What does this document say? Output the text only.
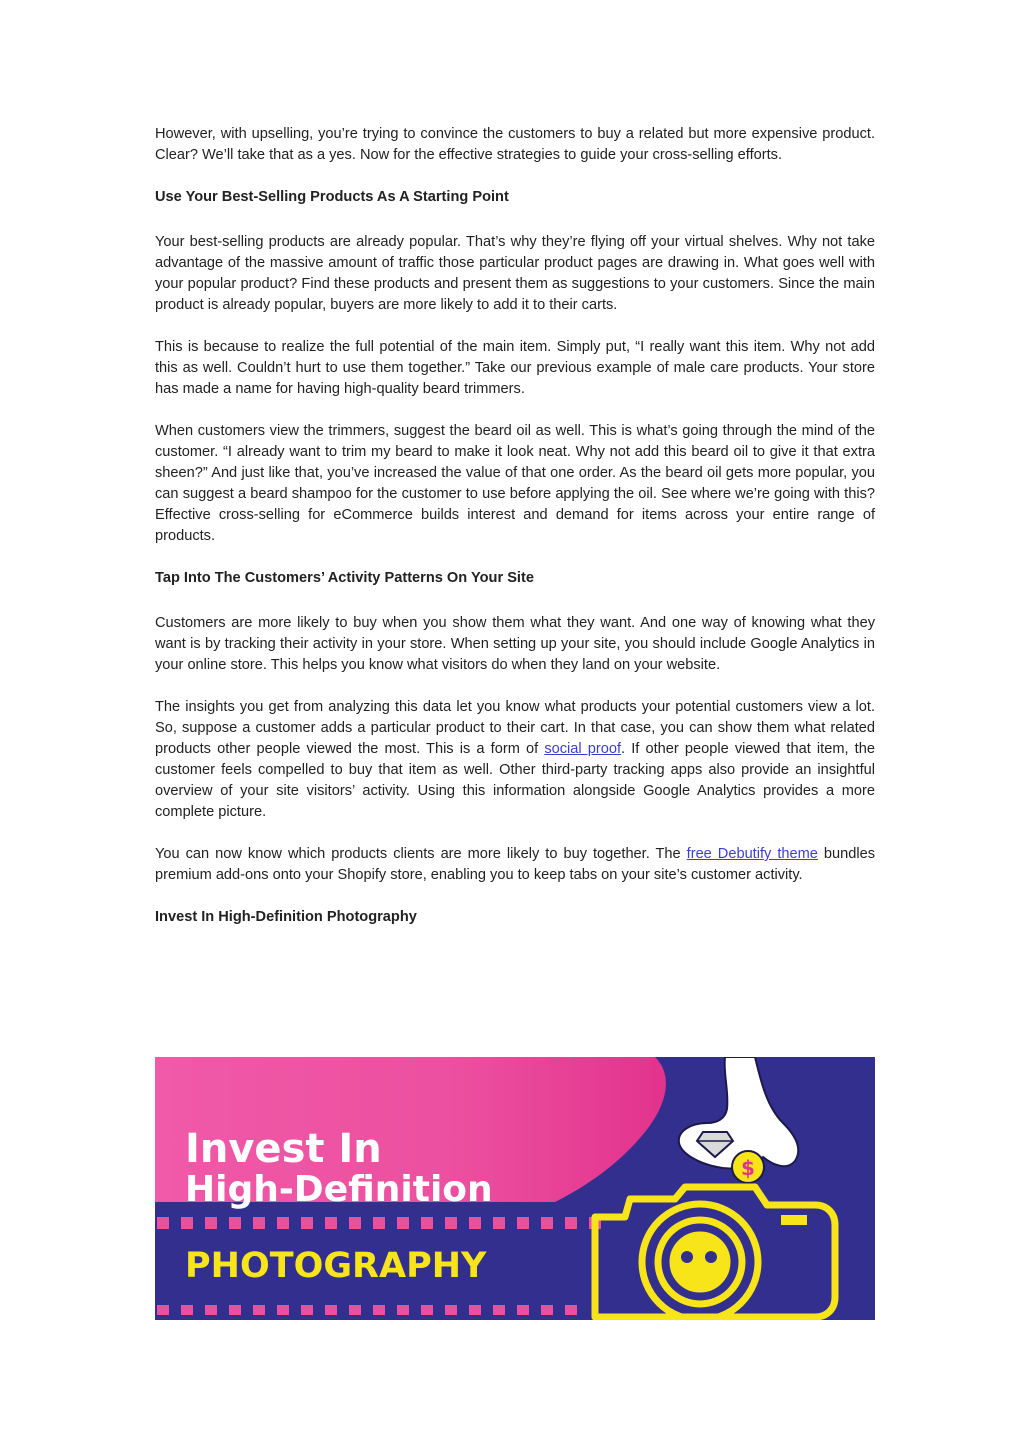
However, with upselling, you’re trying to convince the customers to buy a related but more expensive product. Clear? We’ll take that as a yes. Now for the effective strategies to guide your cross-selling efforts.

Use Your Best-Selling Products As A Starting Point

Your best-selling products are already popular. That’s why they’re flying off your virtual shelves. Why not take advantage of the massive amount of traffic those particular product pages are drawing in. What goes well with your popular product? Find these products and present them as suggestions to your customers. Since the main product is already popular, buyers are more likely to add it to their carts.

This is because to realize the full potential of the main item. Simply put, “I really want this item. Why not add this as well. Couldn’t hurt to use them together.” Take our previous example of male care products. Your store has made a name for having high-quality beard trimmers.

When customers view the trimmers, suggest the beard oil as well. This is what’s going through the mind of the customer. “I already want to trim my beard to make it look neat. Why not add this beard oil to give it that extra sheen?” And just like that, you’ve increased the value of that one order. As the beard oil gets more popular, you can suggest a beard shampoo for the customer to use before applying the oil. See where we’re going with this? Effective cross-selling for eCommerce builds interest and demand for items across your entire range of products.

Tap Into The Customers’ Activity Patterns On Your Site

Customers are more likely to buy when you show them what they want. And one way of knowing what they want is by tracking their activity in your store. When setting up your site, you should include Google Analytics in your online store. This helps you know what visitors do when they land on your website.

The insights you get from analyzing this data let you know what products your potential customers view a lot. So, suppose a customer adds a particular product to their cart. In that case, you can show them what related products other people viewed the most. This is a form of social proof. If other people viewed that item, the customer feels compelled to buy that item as well. Other third-party tracking apps also provide an insightful overview of your site visitors’ activity. Using this information alongside Google Analytics provides a more complete picture.

You can now know which products clients are more likely to buy together. The free Debutify theme bundles premium add-ons onto your Shopify store, enabling you to keep tabs on your site’s customer activity.

Invest In High-Definition Photography
Invest In
High-Definition
PHOTOGRAPHY
$
